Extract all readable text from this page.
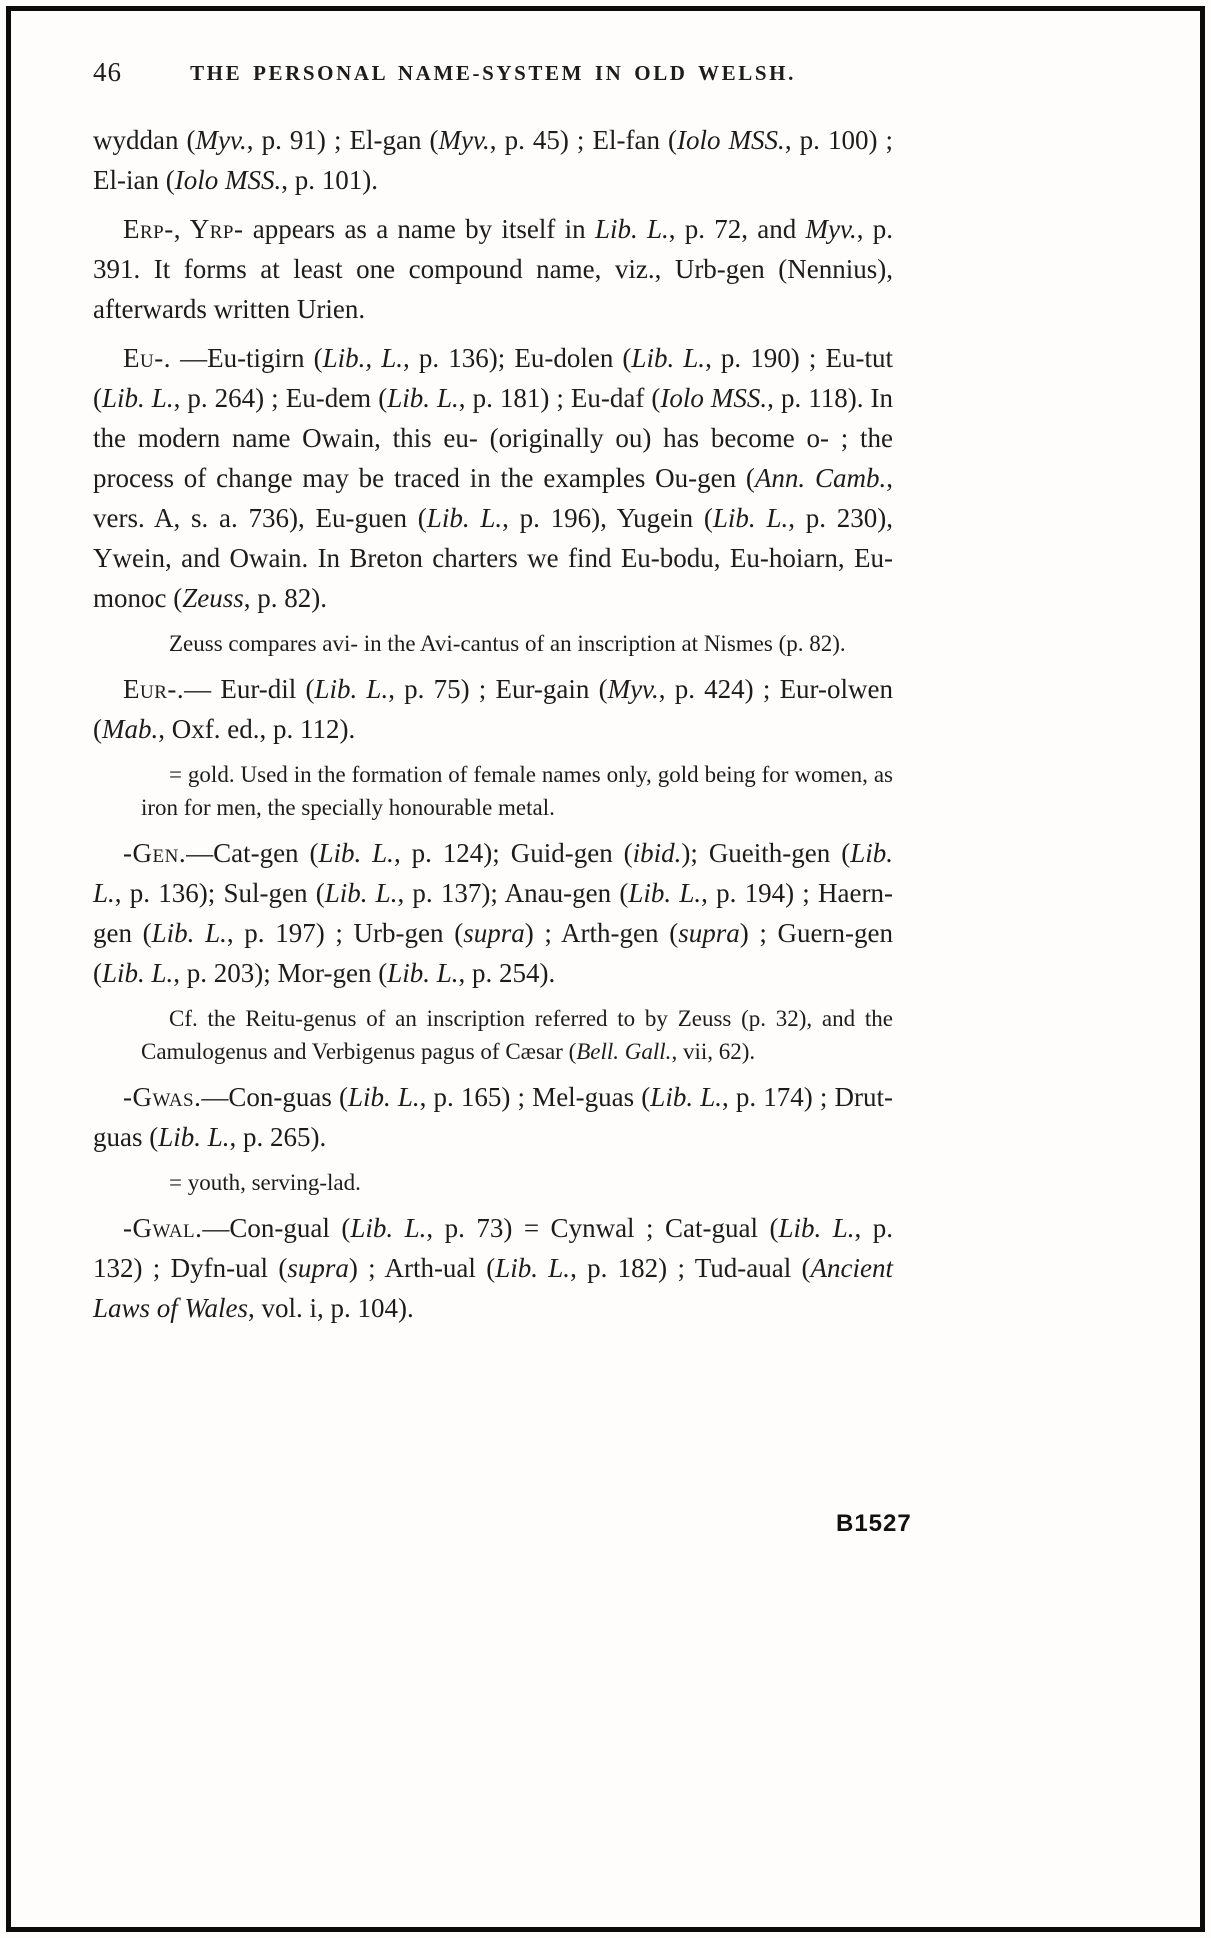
46	THE PERSONAL NAME-SYSTEM IN OLD WELSH.

wyddan (Myv., p. 91) ; El-gan (Myv., p. 45) ; El-fan (Iolo MSS., p. 100) ; El-ian (Iolo MSS., p. 101).

Erp-, Yrp- appears as a name by itself in Lib. L., p. 72, and Myv., p. 391. It forms at least one compound name, viz., Urb-gen (Nennius), afterwards written Urien.

Eu-. —Eu-tigirn (Lib., L., p. 136); Eu-dolen (Lib. L., p. 190) ; Eu-tut (Lib. L., p. 264) ; Eu-dem (Lib. L., p. 181) ; Eu-daf (Iolo MSS., p. 118). In the modern name Owain, this eu- (originally ou) has become o- ; the process of change may be traced in the examples Ou-gen (Ann. Camb., vers. A, s. a. 736), Eu-guen (Lib. L., p. 196), Yugein (Lib. L., p. 230), Ywein, and Owain. In Breton charters we find Eu-bodu, Eu-hoiarn, Eu-monoc (Zeuss, p. 82).

Zeuss compares avi- in the Avi-cantus of an inscription at Nismes (p. 82).

Eur-.— Eur-dil (Lib. L., p. 75) ; Eur-gain (Myv., p. 424) ; Eur-olwen (Mab., Oxf. ed., p. 112).

= gold. Used in the formation of female names only, gold being for women, as iron for men, the specially honourable metal.

-Gen.—Cat-gen (Lib. L., p. 124); Guid-gen (ibid.); Gueith-gen (Lib. L., p. 136); Sul-gen (Lib. L., p. 137); Anau-gen (Lib. L., p. 194) ; Haern-gen (Lib. L., p. 197) ; Urb-gen (supra) ; Arth-gen (supra) ; Guern-gen (Lib. L., p. 203); Mor-gen (Lib. L., p. 254).

Cf. the Reitu-genus of an inscription referred to by Zeuss (p. 32), and the Camulogenus and Verbigenus pagus of Cæsar (Bell. Gall., vii, 62).

-Gwas.—Con-guas (Lib. L., p. 165) ; Mel-guas (Lib. L., p. 174) ; Drut-guas (Lib. L., p. 265).

= youth, serving-lad.

-Gwal.—Con-gual (Lib. L., p. 73) = Cynwal ; Cat-gual (Lib. L., p. 132) ; Dyfn-ual (supra) ; Arth-ual (Lib. L., p. 182) ; Tud-aual (Ancient Laws of Wales, vol. i, p. 104).

B1527
